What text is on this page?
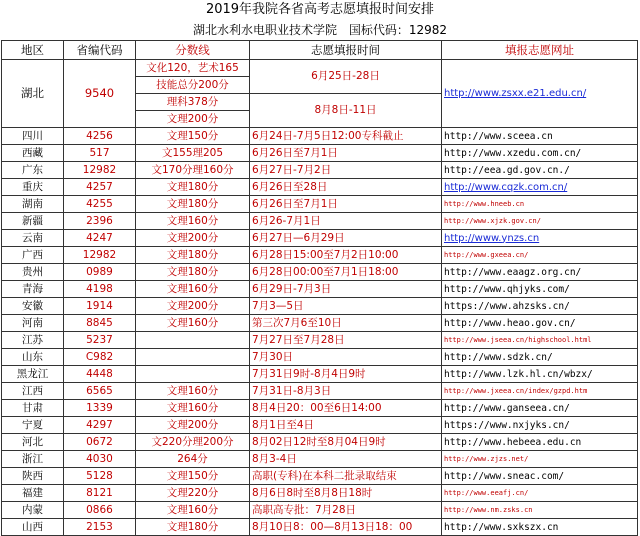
2019年我院各省高考志愿填报时间安排
湖北水利水电职业技术学院 国标代码：12982
地区	省编代码	分数线	志愿填报时间	填报志愿网址
湖北	9540	文化120，艺术165	6月25日-28日	http://www.zsxx.e21.edu.cn/
		技能总分200分		
		理科378分	8月8日-11日	
		文理200分		
四川	4256	文理150分	6月24日-7月5日12:00专科截止	http://www.sceea.cn
西藏	517	文155理205	6月26日至7月1日	http://www.xzedu.com.cn/
广东	12982	文170分理160分	6月27日-7月2日	http://eea.gd.gov.cn./
重庆	4257	文理180分	6月26日至28日	http://www.cqzk.com.cn/
湖南	4255	文理180分	6月26日至7月1日	http://www.hneeb.cn
新疆	2396	文理160分	6月26-7月1日	http://www.xjzk.gov.cn/
云南	4247	文理200分	6月27日—6月29日	http://www.ynzs.cn
广西	12982	文理180分	6月28日15:00至7月2日10:00	http://www.gxeea.cn/
贵州	0989	文理180分	6月28日00:00至7月1日18:00	http://www.eaagz.org.cn/
青海	4198	文理160分	6月29日-7月3日	http://www.qhjyks.com/
安徽	1914	文理200分	7月3—5日	https://www.ahzsks.cn/
河南	8845	文理160分	第三次7月6至10日	http://www.heao.gov.cn/
江苏	5237		7月27日至7月28日	http://www.jseea.cn/highschool.html
山东	C982		7月30日	http://www.sdzk.cn/
黑龙江	4448		7月31日9时-8月4日9时	http://www.lzk.hl.cn/wbzx/
江西	6565	文理160分	7月31日-8月3日	http://www.jxeea.cn/index/gzpd.htm
甘肃	1339	文理160分	8月4日20：00至6日14:00	http://www.ganseea.cn/
宁夏	4297	文理200分	8月1日至4日	https://www.nxjyks.cn/
河北	0672	文220分理200分	8月02日12时至8月04日9时	http://www.hebeea.edu.cn
浙江	4030	264分	8月3-4日	http://www.zjzs.net/
陕西	5128	文理150分	高职(专科)在本科二批录取结束	http://www.sneac.com/
福建	8121	文理220分	8月6日8时至8月8日18时	http://www.eeafj.cn/
内蒙	0866	文理160分	高职高专批：7月28日	http://www.nm.zsks.cn
山西	2153	文理180分	8月10日8：00—8月13日18：00	http://www.sxkszx.cn
